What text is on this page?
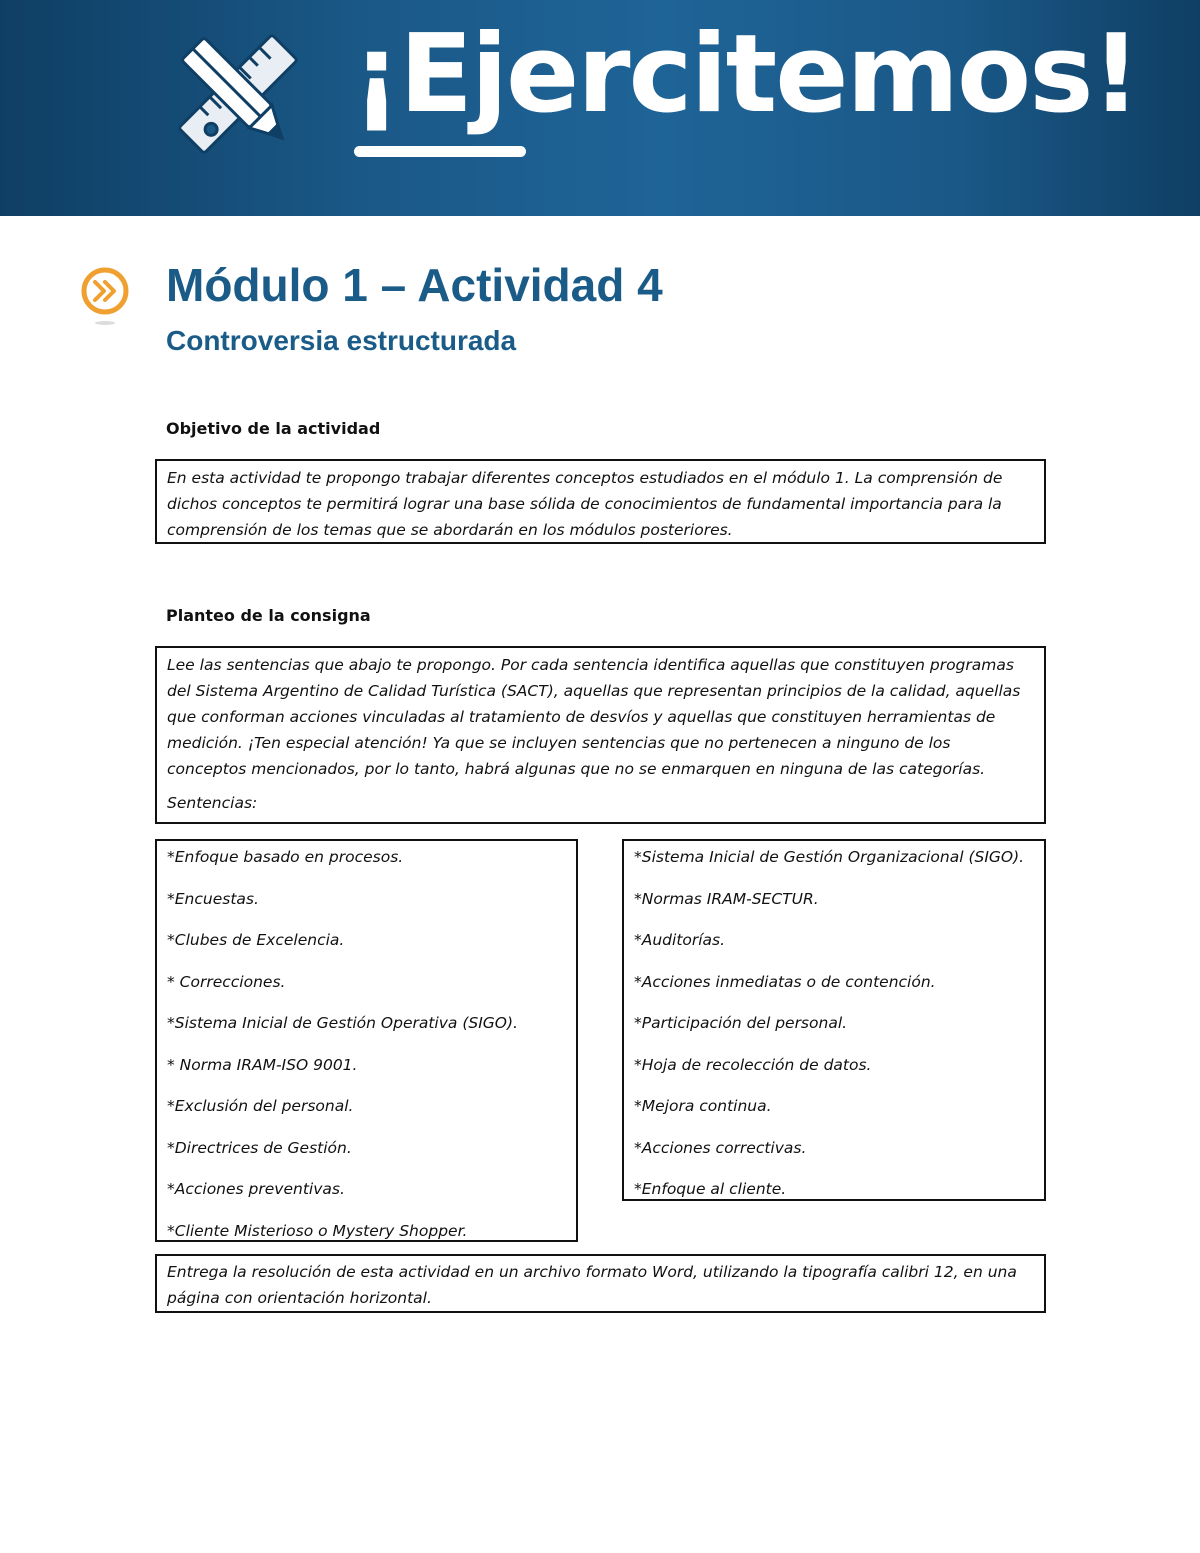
¡Ejercitemos!
Módulo 1 – Actividad 4
Controversia estructurada
Objetivo de la actividad

En esta actividad te propongo trabajar diferentes conceptos estudiados en el módulo 1. La comprensión de dichos conceptos te permitirá lograr una base sólida de conocimientos de fundamental importancia para la comprensión de los temas que se abordarán en los módulos posteriores.

Planteo de la consigna

Lee las sentencias que abajo te propongo. Por cada sentencia identifica aquellas que constituyen programas del Sistema Argentino de Calidad Turística (SACT), aquellas que representan principios de la calidad, aquellas que conforman acciones vinculadas al tratamiento de desvíos y aquellas que constituyen herramientas de medición. ¡Ten especial atención! Ya que se incluyen sentencias que no pertenecen a ninguno de los conceptos mencionados, por lo tanto, habrá algunas que no se enmarquen en ninguna de las categorías.

Sentencias:

*Enfoque basado en procesos.
*Encuestas.
*Clubes de Excelencia.
* Correcciones.
*Sistema Inicial de Gestión Operativa (SIGO).
* Norma IRAM-ISO 9001.
*Exclusión del personal.
*Directrices de Gestión.
*Acciones preventivas.
*Cliente Misterioso o Mystery Shopper.
*Sistema Inicial de Gestión Organizacional (SIGO).
*Normas IRAM-SECTUR.
*Auditorías.
*Acciones inmediatas o de contención.
*Participación del personal.
*Hoja de recolección de datos.
*Mejora continua.
*Acciones correctivas.
*Enfoque al cliente.

Entrega la resolución de esta actividad en un archivo formato Word, utilizando la tipografía calibri 12, en una página con orientación horizontal.
